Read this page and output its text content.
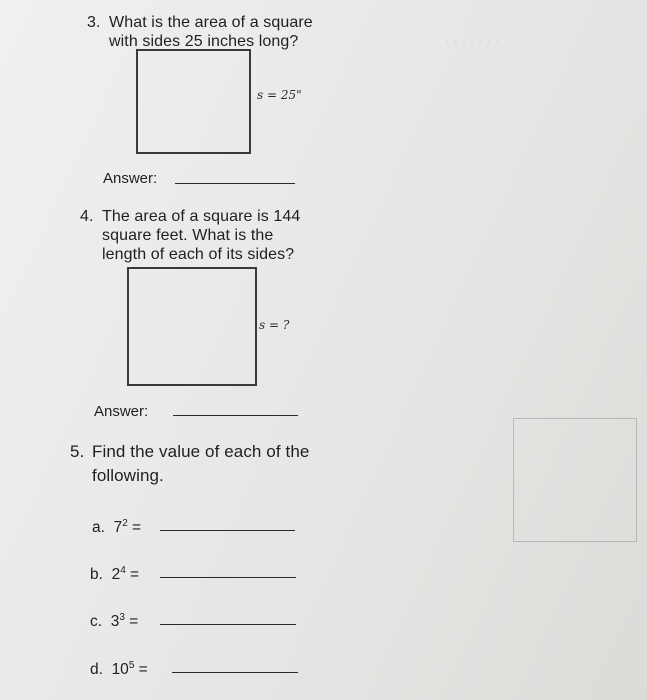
. . . . . . .
3. What is the area of a square
with sides 25 inches long?
s = 25"
Answer:
4. The area of a square is 144
square feet. What is the
length of each of its sides?
s = ?
Answer:
5. Find the value of each of the
following.
a. $7^2$ =
b. $2^4$ =
c. $3^3$ =
d. $10^5$ =
